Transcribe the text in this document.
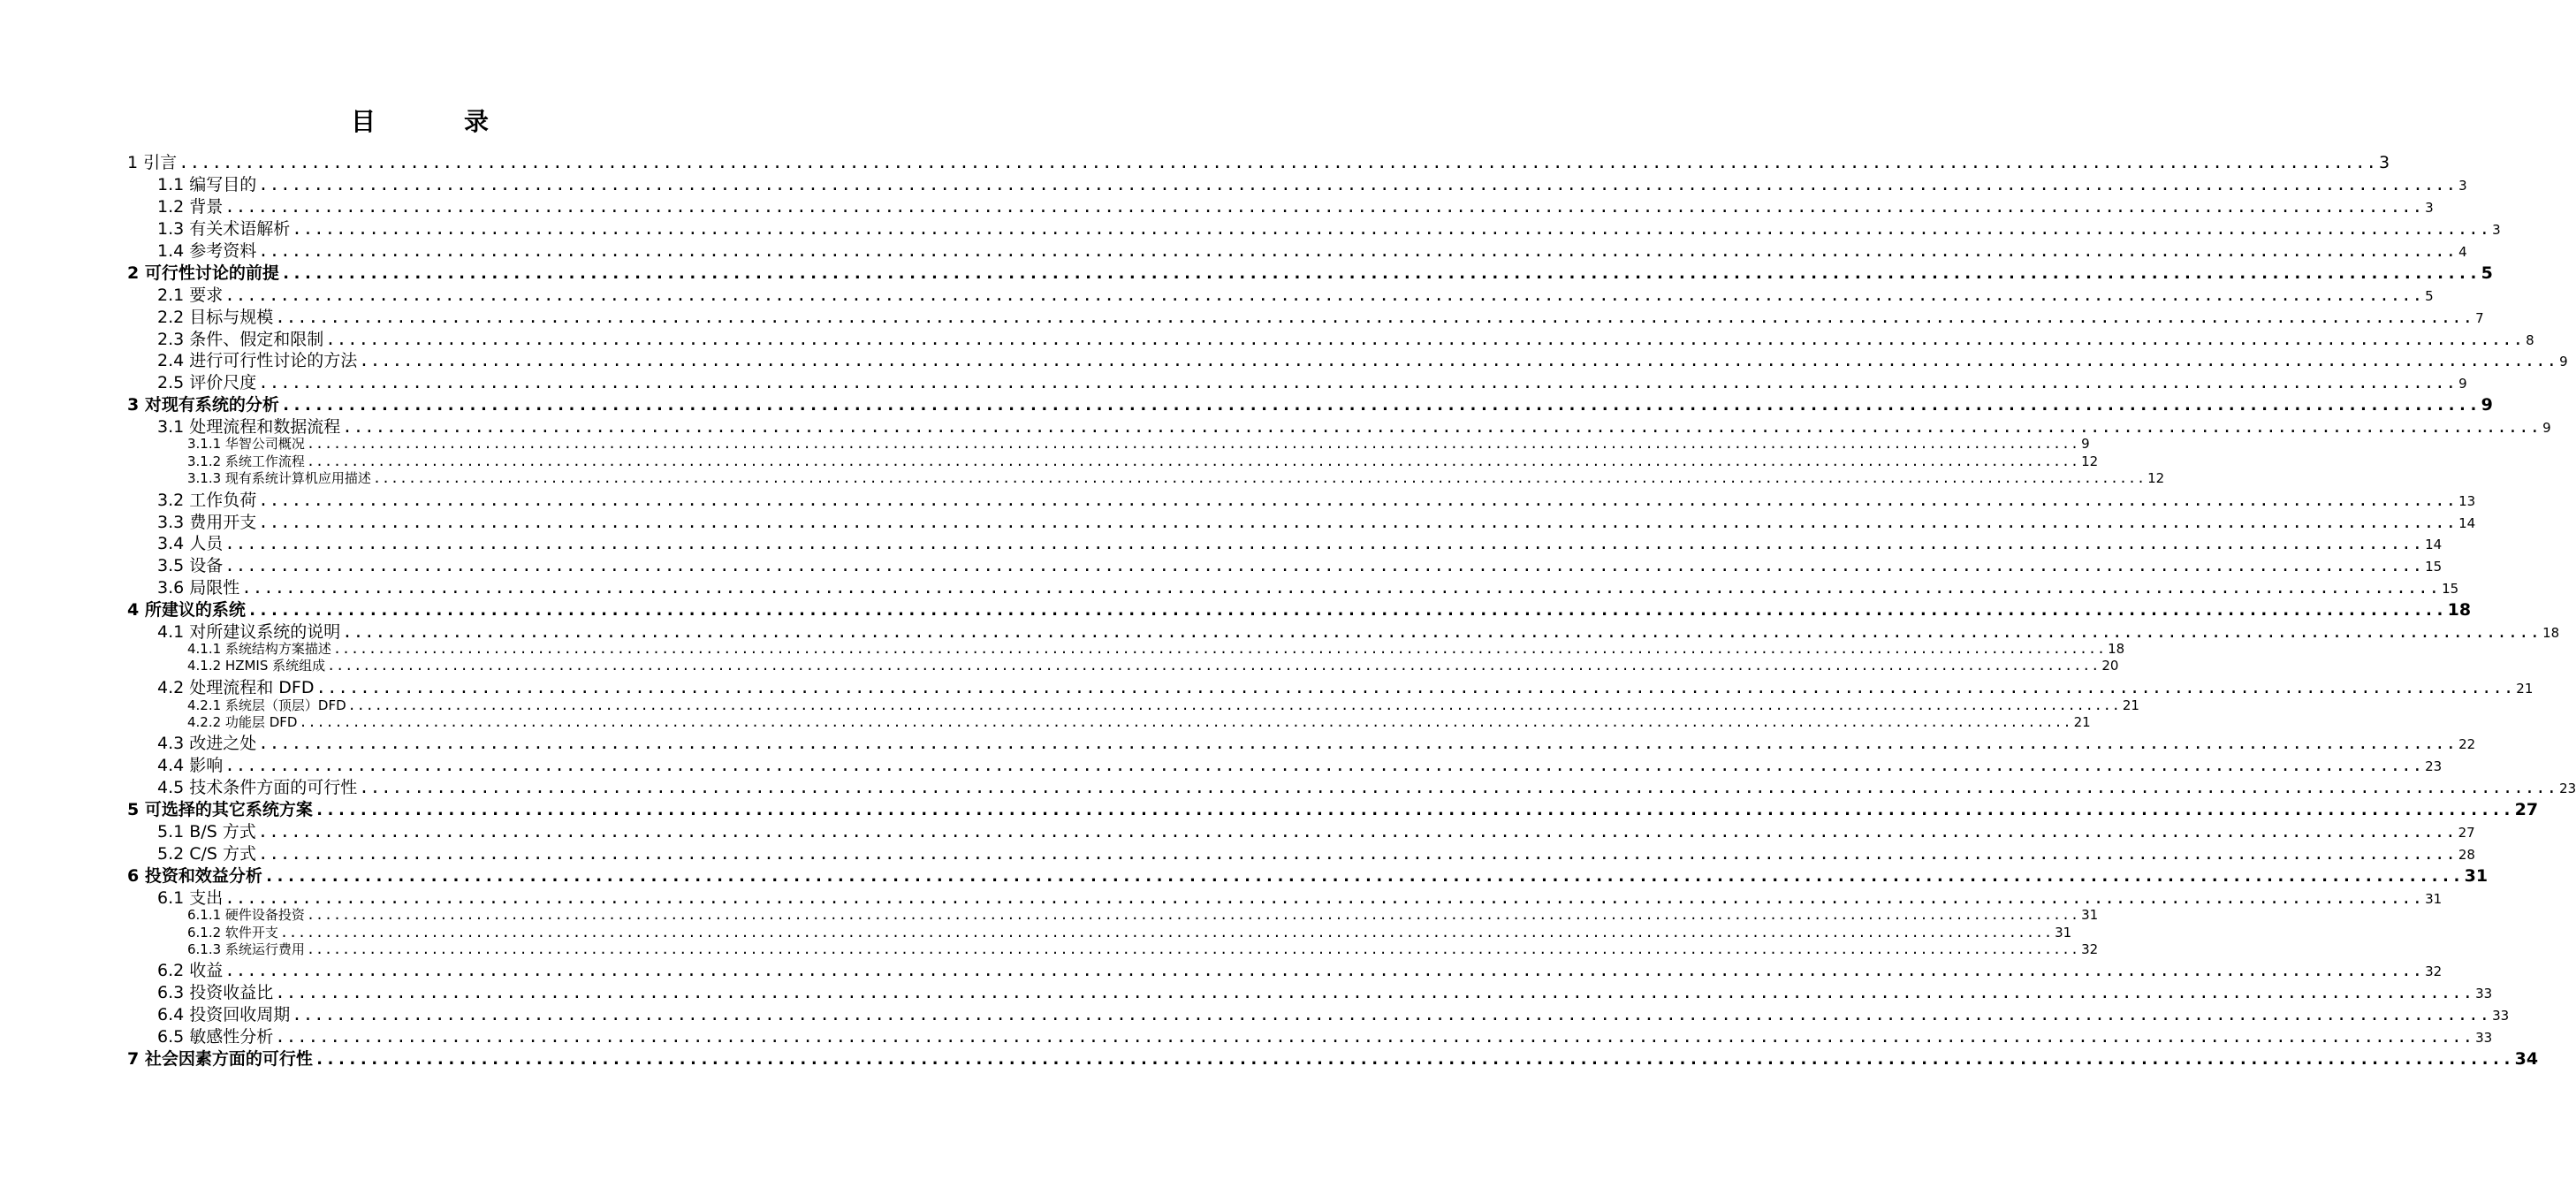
目　录
1 引言 ........................................................................................................................................................................................................ 3
1.1 编写目的 ........................................................................................................................................................................................................ 3
1.2 背景 ........................................................................................................................................................................................................ 3
1.3 有关术语解析 ........................................................................................................................................................................................................ 3
1.4 参考资料 ........................................................................................................................................................................................................ 4
2 可行性讨论的前提 ........................................................................................................................................................................................................ 5
2.1 要求 ........................................................................................................................................................................................................ 5
2.2 目标与规模 ........................................................................................................................................................................................................ 7
2.3 条件、假定和限制 ........................................................................................................................................................................................................ 8
2.4 进行可行性讨论的方法 ........................................................................................................................................................................................................ 9
2.5 评价尺度 ........................................................................................................................................................................................................ 9
3 对现有系统的分析 ........................................................................................................................................................................................................ 9
3.1 处理流程和数据流程 ........................................................................................................................................................................................................ 9
3.1.1 华智公司概况 ........................................................................................................................................................................................................ 9
3.1.2 系统工作流程 ........................................................................................................................................................................................................ 12
3.1.3 现有系统计算机应用描述 ........................................................................................................................................................................................................ 12
3.2 工作负荷 ........................................................................................................................................................................................................ 13
3.3 费用开支 ........................................................................................................................................................................................................ 14
3.4 人员 ........................................................................................................................................................................................................ 14
3.5 设备 ........................................................................................................................................................................................................ 15
3.6 局限性 ........................................................................................................................................................................................................ 15
4 所建议的系统 ........................................................................................................................................................................................................ 18
4.1 对所建议系统的说明 ........................................................................................................................................................................................................ 18
4.1.1 系统结构方案描述 ........................................................................................................................................................................................................ 18
4.1.2 HZMIS 系统组成 ........................................................................................................................................................................................................ 20
4.2 处理流程和 DFD ........................................................................................................................................................................................................ 21
4.2.1 系统层（顶层）DFD ........................................................................................................................................................................................................ 21
4.2.2 功能层 DFD ........................................................................................................................................................................................................ 21
4.3 改进之处 ........................................................................................................................................................................................................ 22
4.4 影响 ........................................................................................................................................................................................................ 23
4.5 技术条件方面的可行性 ........................................................................................................................................................................................................ 23
5 可选择的其它系统方案 ........................................................................................................................................................................................................ 27
5.1 B/S 方式 ........................................................................................................................................................................................................ 27
5.2 C/S 方式 ........................................................................................................................................................................................................ 28
6 投资和效益分析 ........................................................................................................................................................................................................ 31
6.1 支出 ........................................................................................................................................................................................................ 31
6.1.1 硬件设备投资 ........................................................................................................................................................................................................ 31
6.1.2 软件开支 ........................................................................................................................................................................................................ 31
6.1.3 系统运行费用 ........................................................................................................................................................................................................ 32
6.2 收益 ........................................................................................................................................................................................................ 32
6.3 投资收益比 ........................................................................................................................................................................................................ 33
6.4 投资回收周期 ........................................................................................................................................................................................................ 33
6.5 敏感性分析 ........................................................................................................................................................................................................ 33
7 社会因素方面的可行性 ........................................................................................................................................................................................................ 34
